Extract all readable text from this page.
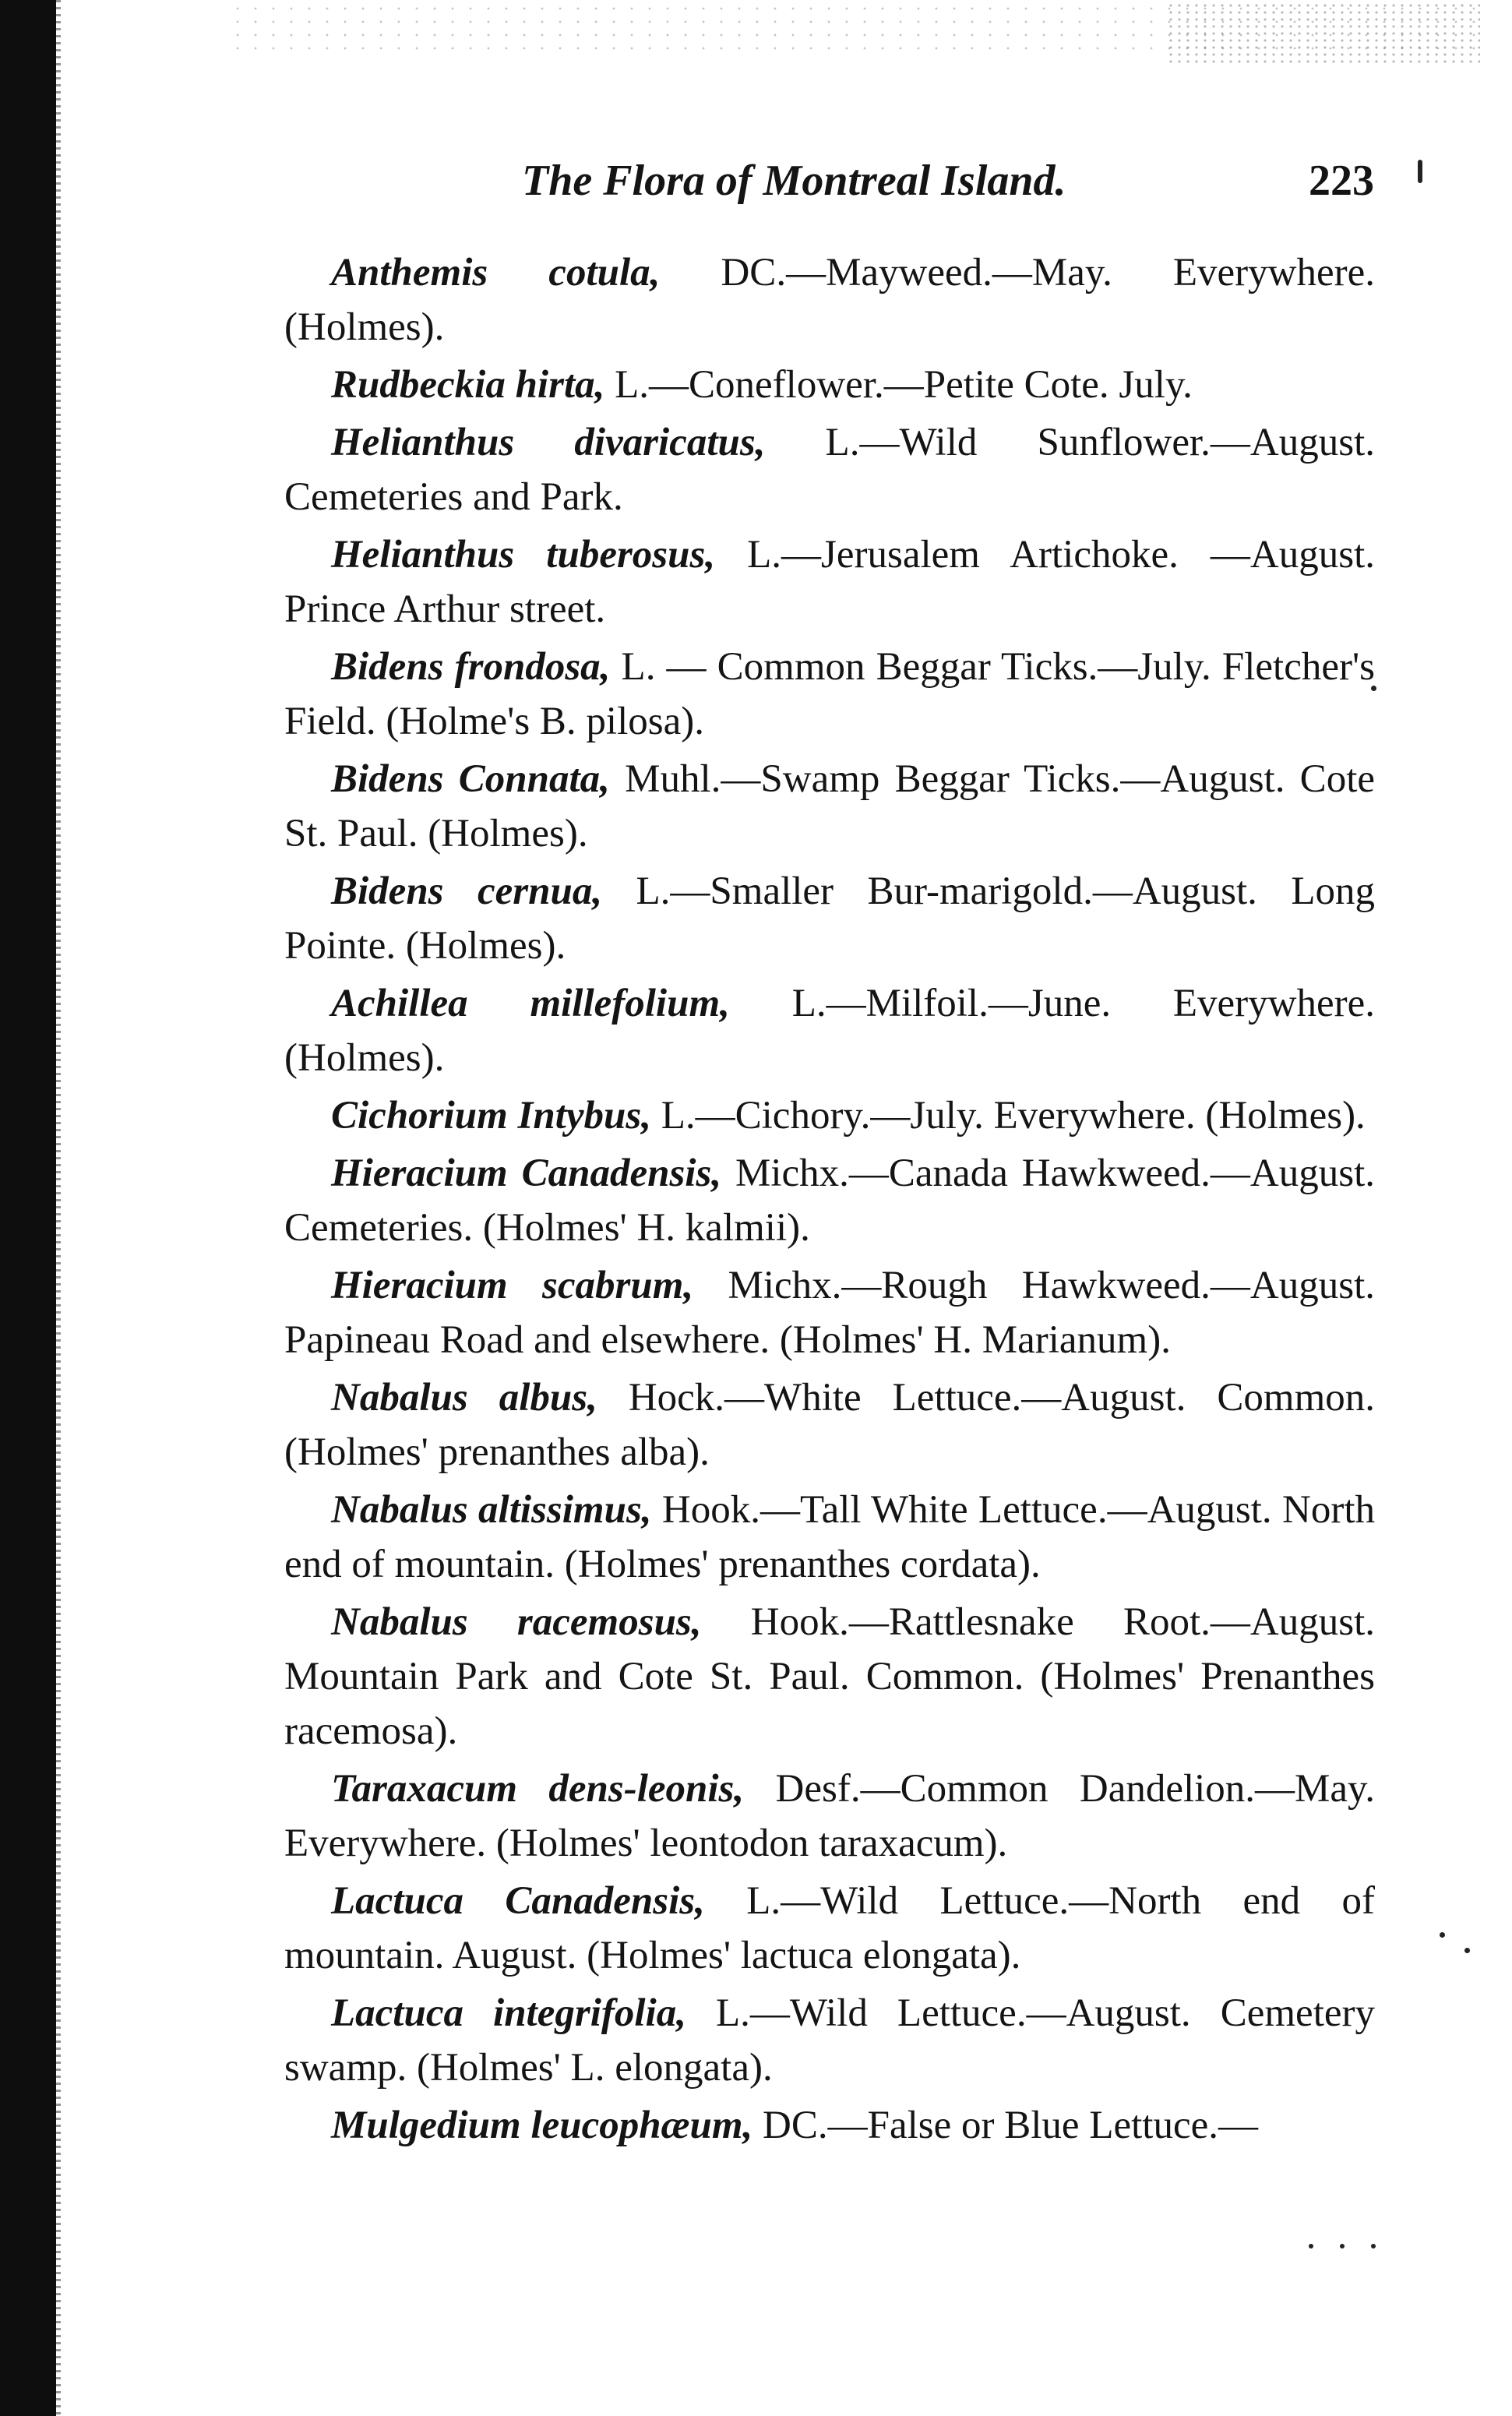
The Flora of Montreal Island.	223

Anthemis cotula, DC.—Mayweed.—May. Everywhere. (Holmes).

Rudbeckia hirta, L.—Coneflower.—Petite Cote. July.

Helianthus divaricatus, L.—Wild Sunflower.—August. Cemeteries and Park.

Helianthus tuberosus, L.—Jerusalem Artichoke. —August. Prince Arthur street.

Bidens frondosa, L. — Common Beggar Ticks.—July. Fletcher's Field. (Holme's B. pilosa).

Bidens Connata, Muhl.—Swamp Beggar Ticks.—August. Cote St. Paul. (Holmes).

Bidens cernua, L.—Smaller Bur-marigold.—August. Long Pointe. (Holmes).

Achillea millefolium, L.—Milfoil.—June. Everywhere. (Holmes).

Cichorium Intybus, L.—Cichory.—July. Everywhere. (Holmes).

Hieracium Canadensis, Michx.—Canada Hawkweed.—August. Cemeteries. (Holmes' H. kalmii).

Hieracium scabrum, Michx.—Rough Hawkweed.—August. Papineau Road and elsewhere. (Holmes' H. Marianum).

Nabalus albus, Hock.—White Lettuce.—August. Common. (Holmes' prenanthes alba).

Nabalus altissimus, Hook.—Tall White Lettuce.—August. North end of mountain. (Holmes' prenanthes cordata).

Nabalus racemosus, Hook.—Rattlesnake Root.—August. Mountain Park and Cote St. Paul. Common. (Holmes' Prenanthes racemosa).

Taraxacum dens-leonis, Desf.—Common Dandelion.—May. Everywhere. (Holmes' leontodon taraxacum).

Lactuca Canadensis, L.—Wild Lettuce.—North end of mountain. August. (Holmes' lactuca elongata).

Lactuca integrifolia, L.—Wild Lettuce.—August. Cemetery swamp. (Holmes' L. elongata).

Mulgedium leucophæum, DC.—False or Blue Lettuce.—
